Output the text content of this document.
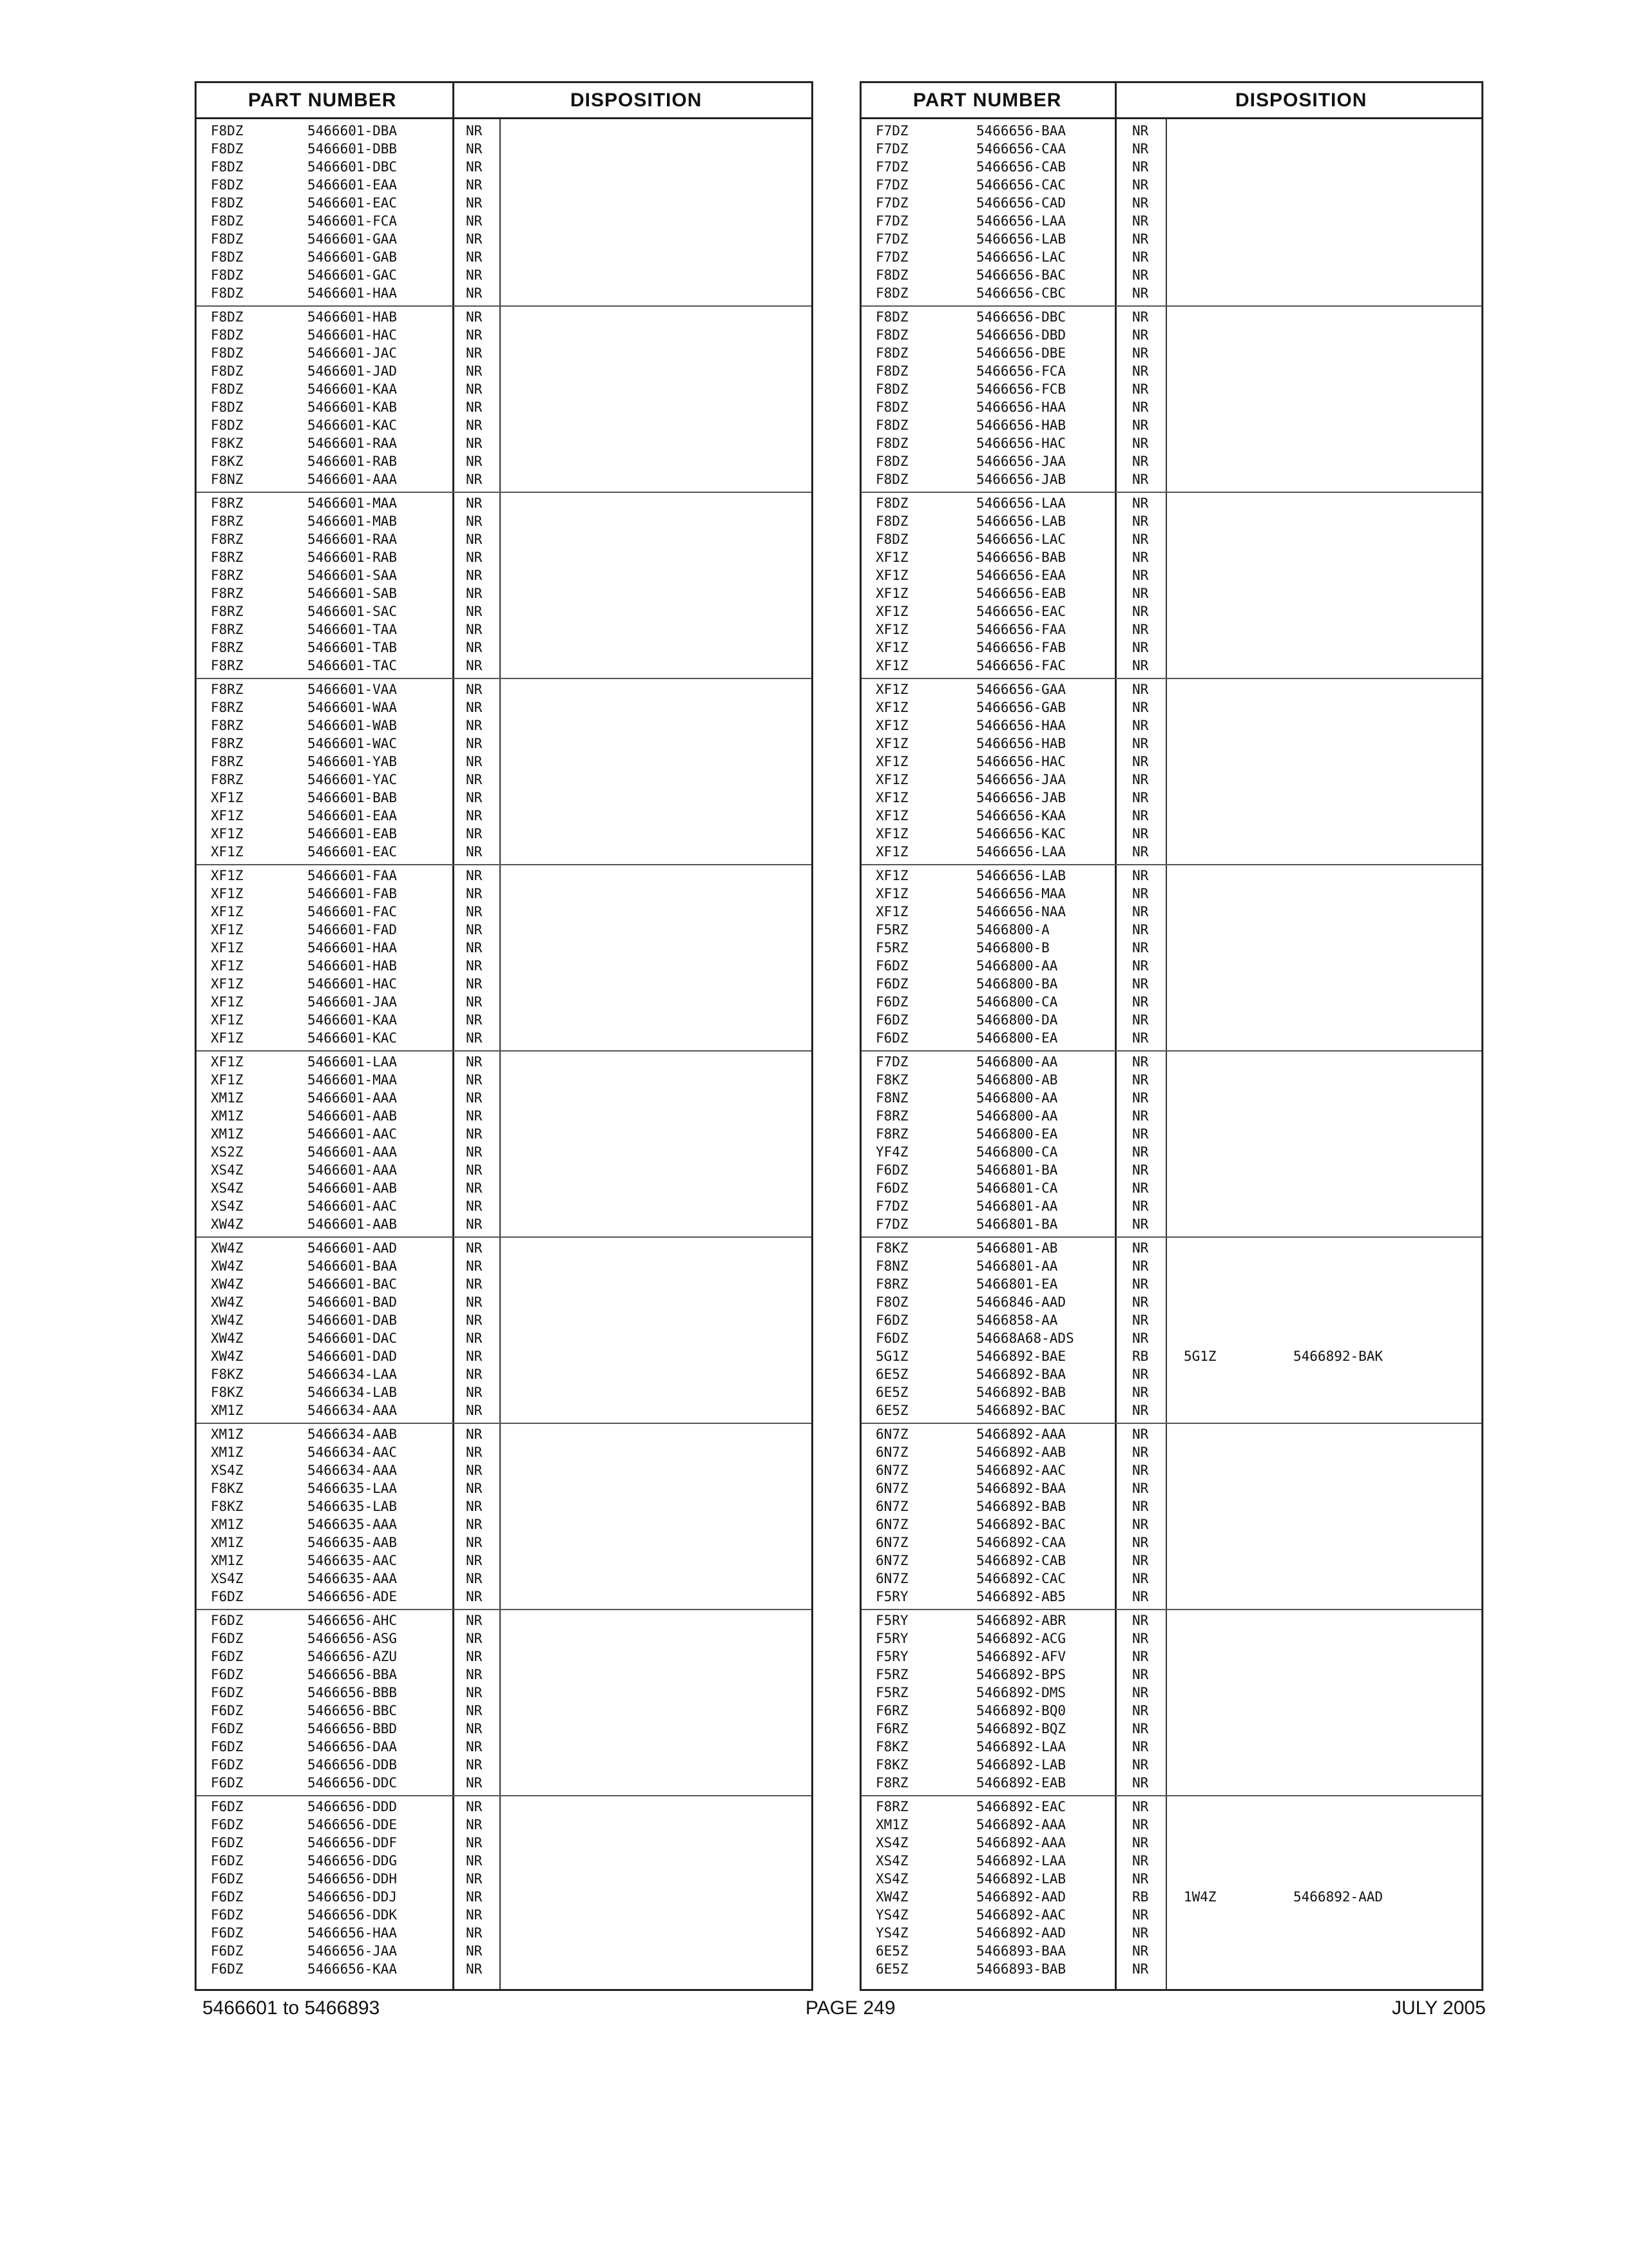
PART NUMBER	DISPOSITION
F8DZ	5466601-DBA	NR
F8DZ	5466601-DBB	NR
F8DZ	5466601-DBC	NR
F8DZ	5466601-EAA	NR
F8DZ	5466601-EAC	NR
F8DZ	5466601-FCA	NR
F8DZ	5466601-GAA	NR
F8DZ	5466601-GAB	NR
F8DZ	5466601-GAC	NR
F8DZ	5466601-HAA	NR
F8DZ	5466601-HAB	NR
F8DZ	5466601-HAC	NR
F8DZ	5466601-JAC	NR
F8DZ	5466601-JAD	NR
F8DZ	5466601-KAA	NR
F8DZ	5466601-KAB	NR
F8DZ	5466601-KAC	NR
F8KZ	5466601-RAA	NR
F8KZ	5466601-RAB	NR
F8NZ	5466601-AAA	NR
F8RZ	5466601-MAA	NR
F8RZ	5466601-MAB	NR
F8RZ	5466601-RAA	NR
F8RZ	5466601-RAB	NR
F8RZ	5466601-SAA	NR
F8RZ	5466601-SAB	NR
F8RZ	5466601-SAC	NR
F8RZ	5466601-TAA	NR
F8RZ	5466601-TAB	NR
F8RZ	5466601-TAC	NR
F8RZ	5466601-VAA	NR
F8RZ	5466601-WAA	NR
F8RZ	5466601-WAB	NR
F8RZ	5466601-WAC	NR
F8RZ	5466601-YAB	NR
F8RZ	5466601-YAC	NR
XF1Z	5466601-BAB	NR
XF1Z	5466601-EAA	NR
XF1Z	5466601-EAB	NR
XF1Z	5466601-EAC	NR
XF1Z	5466601-FAA	NR
XF1Z	5466601-FAB	NR
XF1Z	5466601-FAC	NR
XF1Z	5466601-FAD	NR
XF1Z	5466601-HAA	NR
XF1Z	5466601-HAB	NR
XF1Z	5466601-HAC	NR
XF1Z	5466601-JAA	NR
XF1Z	5466601-KAA	NR
XF1Z	5466601-KAC	NR
XF1Z	5466601-LAA	NR
XF1Z	5466601-MAA	NR
XM1Z	5466601-AAA	NR
XM1Z	5466601-AAB	NR
XM1Z	5466601-AAC	NR
XS2Z	5466601-AAA	NR
XS4Z	5466601-AAA	NR
XS4Z	5466601-AAB	NR
XS4Z	5466601-AAC	NR
XW4Z	5466601-AAB	NR
XW4Z	5466601-AAD	NR
XW4Z	5466601-BAA	NR
XW4Z	5466601-BAC	NR
XW4Z	5466601-BAD	NR
XW4Z	5466601-DAB	NR
XW4Z	5466601-DAC	NR
XW4Z	5466601-DAD	NR
F8KZ	5466634-LAA	NR
F8KZ	5466634-LAB	NR
XM1Z	5466634-AAA	NR
XM1Z	5466634-AAB	NR
XM1Z	5466634-AAC	NR
XS4Z	5466634-AAA	NR
F8KZ	5466635-LAA	NR
F8KZ	5466635-LAB	NR
XM1Z	5466635-AAA	NR
XM1Z	5466635-AAB	NR
XM1Z	5466635-AAC	NR
XS4Z	5466635-AAA	NR
F6DZ	5466656-ADE	NR
F6DZ	5466656-AHC	NR
F6DZ	5466656-ASG	NR
F6DZ	5466656-AZU	NR
F6DZ	5466656-BBA	NR
F6DZ	5466656-BBB	NR
F6DZ	5466656-BBC	NR
F6DZ	5466656-BBD	NR
F6DZ	5466656-DAA	NR
F6DZ	5466656-DDB	NR
F6DZ	5466656-DDC	NR
F6DZ	5466656-DDD	NR
F6DZ	5466656-DDE	NR
F6DZ	5466656-DDF	NR
F6DZ	5466656-DDG	NR
F6DZ	5466656-DDH	NR
F6DZ	5466656-DDJ	NR
F6DZ	5466656-DDK	NR
F6DZ	5466656-HAA	NR
F6DZ	5466656-JAA	NR
F6DZ	5466656-KAA	NR
PART NUMBER	DISPOSITION
F7DZ	5466656-BAA	NR
F7DZ	5466656-CAA	NR
F7DZ	5466656-CAB	NR
F7DZ	5466656-CAC	NR
F7DZ	5466656-CAD	NR
F7DZ	5466656-LAA	NR
F7DZ	5466656-LAB	NR
F7DZ	5466656-LAC	NR
F8DZ	5466656-BAC	NR
F8DZ	5466656-CBC	NR
F8DZ	5466656-DBC	NR
F8DZ	5466656-DBD	NR
F8DZ	5466656-DBE	NR
F8DZ	5466656-FCA	NR
F8DZ	5466656-FCB	NR
F8DZ	5466656-HAA	NR
F8DZ	5466656-HAB	NR
F8DZ	5466656-HAC	NR
F8DZ	5466656-JAA	NR
F8DZ	5466656-JAB	NR
F8DZ	5466656-LAA	NR
F8DZ	5466656-LAB	NR
F8DZ	5466656-LAC	NR
XF1Z	5466656-BAB	NR
XF1Z	5466656-EAA	NR
XF1Z	5466656-EAB	NR
XF1Z	5466656-EAC	NR
XF1Z	5466656-FAA	NR
XF1Z	5466656-FAB	NR
XF1Z	5466656-FAC	NR
XF1Z	5466656-GAA	NR
XF1Z	5466656-GAB	NR
XF1Z	5466656-HAA	NR
XF1Z	5466656-HAB	NR
XF1Z	5466656-HAC	NR
XF1Z	5466656-JAA	NR
XF1Z	5466656-JAB	NR
XF1Z	5466656-KAA	NR
XF1Z	5466656-KAC	NR
XF1Z	5466656-LAA	NR
XF1Z	5466656-LAB	NR
XF1Z	5466656-MAA	NR
XF1Z	5466656-NAA	NR
F5RZ	5466800-A	NR
F5RZ	5466800-B	NR
F6DZ	5466800-AA	NR
F6DZ	5466800-BA	NR
F6DZ	5466800-CA	NR
F6DZ	5466800-DA	NR
F6DZ	5466800-EA	NR
F7DZ	5466800-AA	NR
F8KZ	5466800-AB	NR
F8NZ	5466800-AA	NR
F8RZ	5466800-AA	NR
F8RZ	5466800-EA	NR
YF4Z	5466800-CA	NR
F6DZ	5466801-BA	NR
F6DZ	5466801-CA	NR
F7DZ	5466801-AA	NR
F7DZ	5466801-BA	NR
F8KZ	5466801-AB	NR
F8NZ	5466801-AA	NR
F8RZ	5466801-EA	NR
F8OZ	5466846-AAD	NR
F6DZ	5466858-AA	NR
F6DZ	54668A68-ADS	NR
5G1Z	5466892-BAE	RB	5G1Z	5466892-BAK
6E5Z	5466892-BAA	NR
6E5Z	5466892-BAB	NR
6E5Z	5466892-BAC	NR
6N7Z	5466892-AAA	NR
6N7Z	5466892-AAB	NR
6N7Z	5466892-AAC	NR
6N7Z	5466892-BAA	NR
6N7Z	5466892-BAB	NR
6N7Z	5466892-BAC	NR
6N7Z	5466892-CAA	NR
6N7Z	5466892-CAB	NR
6N7Z	5466892-CAC	NR
F5RY	5466892-AB5	NR
F5RY	5466892-ABR	NR
F5RY	5466892-ACG	NR
F5RY	5466892-AFV	NR
F5RZ	5466892-BPS	NR
F5RZ	5466892-DMS	NR
F6RZ	5466892-BQ0	NR
F6RZ	5466892-BQZ	NR
F8KZ	5466892-LAA	NR
F8KZ	5466892-LAB	NR
F8RZ	5466892-EAB	NR
F8RZ	5466892-EAC	NR
XM1Z	5466892-AAA	NR
XS4Z	5466892-AAA	NR
XS4Z	5466892-LAA	NR
XS4Z	5466892-LAB	NR
XW4Z	5466892-AAD	RB	1W4Z	5466892-AAD
YS4Z	5466892-AAC	NR
YS4Z	5466892-AAD	NR
6E5Z	5466893-BAA	NR
6E5Z	5466893-BAB	NR
5466601 to 5466893	PAGE 249	JULY 2005
